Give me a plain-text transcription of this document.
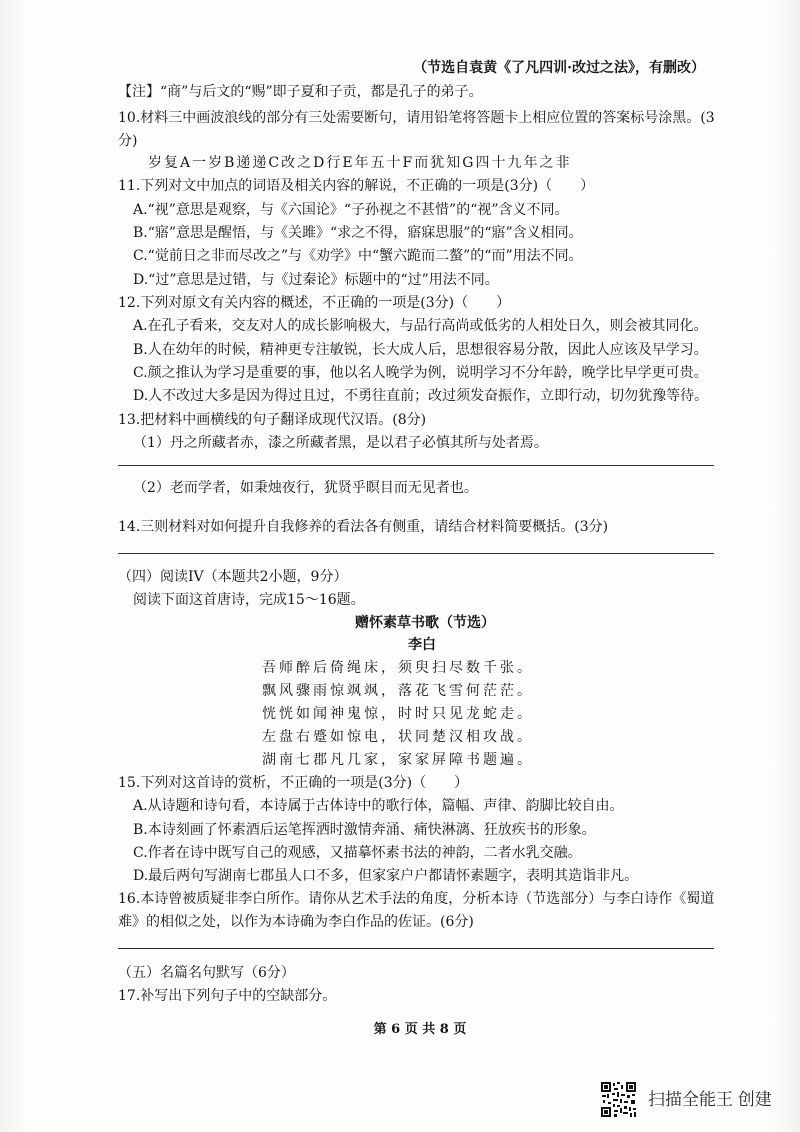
（节选自袁黄《了凡四训·改过之法》，有删改）
【注】“商”与后文的“赐”即子夏和子贡，都是孔子的弟子。
10.材料三中画波浪线的部分有三处需要断句，请用铅笔将答题卡上相应位置的答案标号涂黑。(3
分)
岁复A一岁B递递C改之D行E年五十F而犹知G四十九年之非
11.下列对文中加点的词语及相关内容的解说，不正确的一项是(3分)（　　）
A.“视”意思是观察，与《六国论》“子孙视之不甚惜”的“视”含义不同。
B.“寤”意思是醒悟，与《关雎》“求之不得，寤寐思服”的“寤”含义相同。
C.“觉前日之非而尽改之”与《劝学》中“蟹六跪而二螯”的“而”用法不同。
D.“过”意思是过错，与《过秦论》标题中的“过”用法不同。
12.下列对原文有关内容的概述，不正确的一项是(3分)（　　）
A.在孔子看来，交友对人的成长影响极大，与品行高尚或低劣的人相处日久，则会被其同化。
B.人在幼年的时候，精神更专注敏锐，长大成人后，思想很容易分散，因此人应该及早学习。
C.颜之推认为学习是重要的事，他以名人晚学为例，说明学习不分年龄，晚学比早学更可贵。
D.人不改过大多是因为得过且过，不勇往直前；改过须发奋振作，立即行动，切勿犹豫等待。
13.把材料中画横线的句子翻译成现代汉语。(8分)
（1）丹之所藏者赤，漆之所藏者黑，是以君子必慎其所与处者焉。
（2）老而学者，如秉烛夜行，犹贤乎瞑目而无见者也。
14.三则材料对如何提升自我修养的看法各有侧重，请结合材料简要概括。(3分)
（四）阅读IV（本题共2小题，9分）
阅读下面这首唐诗，完成15～16题。
赠怀素草书歌（节选）
李白
吾师醉后倚绳床，须臾扫尽数千张。
飘风骤雨惊飒飒，落花飞雪何茫茫。
恍恍如闻神鬼惊，时时只见龙蛇走。
左盘右蹙如惊电，状同楚汉相攻战。
湖南七郡凡几家，家家屏障书题遍。
15.下列对这首诗的赏析，不正确的一项是(3分)（　　）
A.从诗题和诗句看，本诗属于古体诗中的歌行体，篇幅、声律、韵脚比较自由。
B.本诗刻画了怀素酒后运笔挥洒时激情奔涌、痛快淋漓、狂放疾书的形象。
C.作者在诗中既写自己的观感，又描摹怀素书法的神韵，二者水乳交融。
D.最后两句写湖南七郡虽人口不多，但家家户户都请怀素题字，表明其造诣非凡。
16.本诗曾被质疑非李白所作。请你从艺术手法的角度，分析本诗（节选部分）与李白诗作《蜀道
难》的相似之处，以作为本诗确为李白作品的佐证。(6分)
（五）名篇名句默写（6分）
17.补写出下列句子中的空缺部分。
第 6 页 共 8 页
扫描全能王 创建
